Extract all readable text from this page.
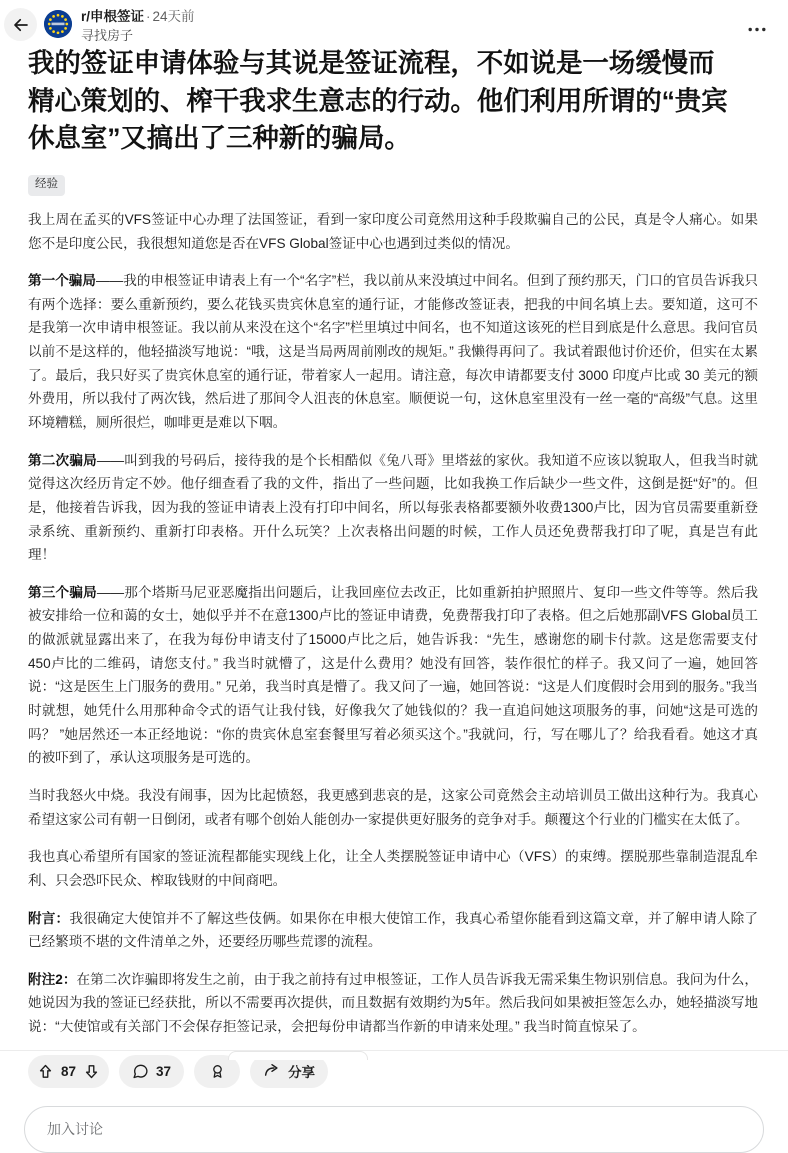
r/申根签证 · 24天前
寻找房子
我的签证申请体验与其说是签证流程，不如说是一场缓慢而精心策划的、榨干我求生意志的行动。他们利用所谓的“贵宾休息室”又搞出了三种新的骗局。
经验

我上周在孟买的VFS签证中心办理了法国签证，看到一家印度公司竟然用这种手段欺骗自己的公民，真是令人痛心。如果您不是印度公民，我很想知道您是否在VFS Global签证中心也遇到过类似的情况。

第一个骗局——我的申根签证申请表上有一个“名字”栏，我以前从来没填过中间名。但到了预约那天，门口的官员告诉我只有两个选择：要么重新预约，要么花钱买贵宾休息室的通行证，才能修改签证表，把我的中间名填上去。要知道，这可不是我第一次申请申根签证。我以前从来没在这个“名字”栏里填过中间名，也不知道这该死的栏目到底是什么意思。我问官员以前不是这样的，他轻描淡写地说：“哦，这是当局两周前刚改的规矩。” 我懒得再问了。我试着跟他讨价还价，但实在太累了。最后，我只好买了贵宾休息室的通行证，带着家人一起用。请注意，每次申请都要支付 3000 印度卢比或 30 美元的额外费用，所以我付了两次钱，然后进了那间令人沮丧的休息室。顺便说一句，这休息室里没有一丝一毫的“高级”气息。这里环境糟糕，厕所很烂，咖啡更是难以下咽。

第二次骗局——叫到我的号码后，接待我的是个长相酷似《兔八哥》里塔兹的家伙。我知道不应该以貌取人，但我当时就觉得这次经历肯定不妙。他仔细查看了我的文件，指出了一些问题，比如我换工作后缺少一些文件，这倒是挺“好”的。但是，他接着告诉我，因为我的签证申请表上没有打印中间名，所以每张表格都要额外收费1300卢比，因为官员需要重新登录系统、重新预约、重新打印表格。开什么玩笑？上次表格出问题的时候，工作人员还免费帮我打印了呢，真是岂有此理！

第三个骗局——那个塔斯马尼亚恶魔指出问题后，让我回座位去改正，比如重新拍护照照片、复印一些文件等等。然后我被安排给一位和蔼的女士，她似乎并不在意1300卢比的签证申请费，免费帮我打印了表格。但之后她那副VFS Global员工的做派就显露出来了，在我为每份申请支付了15000卢比之后，她告诉我：“先生，感谢您的刷卡付款。这是您需要支付450卢比的二维码，请您支付。” 我当时就懵了，这是什么费用？她没有回答，装作很忙的样子。我又问了一遍，她回答说：“这是医生上门服务的费用。” 兄弟，我当时真是懵了。我又问了一遍，她回答说：“这是人们度假时会用到的服务。”我当时就想，她凭什么用那种命令式的语气让我付钱，好像我欠了她钱似的？我一直追问她这项服务的事，问她“这是可选的吗？ ”她居然还一本正经地说：“你的贵宾休息室套餐里写着必须买这个。”我就问，行，写在哪儿了？给我看看。她这才真的被吓到了，承认这项服务是可选的。

当时我怒火中烧。我没有闹事，因为比起愤怒，我更感到悲哀的是，这家公司竟然会主动培训员工做出这种行为。我真心希望这家公司有朝一日倒闭，或者有哪个创始人能创办一家提供更好服务的竞争对手。颠覆这个行业的门槛实在太低了。

我也真心希望所有国家的签证流程都能实现线上化，让全人类摆脱签证申请中心（VFS）的束缚。摆脱那些靠制造混乱牟利、只会恐吓民众、榨取钱财的中间商吧。

附言：我很确定大使馆并不了解这些伎俩。如果你在申根大使馆工作，我真心希望你能看到这篇文章，并了解申请人除了已经繁琐不堪的文件清单之外，还要经历哪些荒谬的流程。

附注2：在第二次诈骗即将发生之前，由于我之前持有过申根签证，工作人员告诉我无需采集生物识别信息。我问为什么，她说因为我的签证已经获批，所以不需要再次提供，而且数据有效期约为5年。然后我问如果被拒签怎么办，她轻描淡写地说：“大使馆或有关部门不会保存拒签记录，会把每份申请都当作新的申请来处理。” 我当时简直惊呆了。

87	37	分享
加入讨论
